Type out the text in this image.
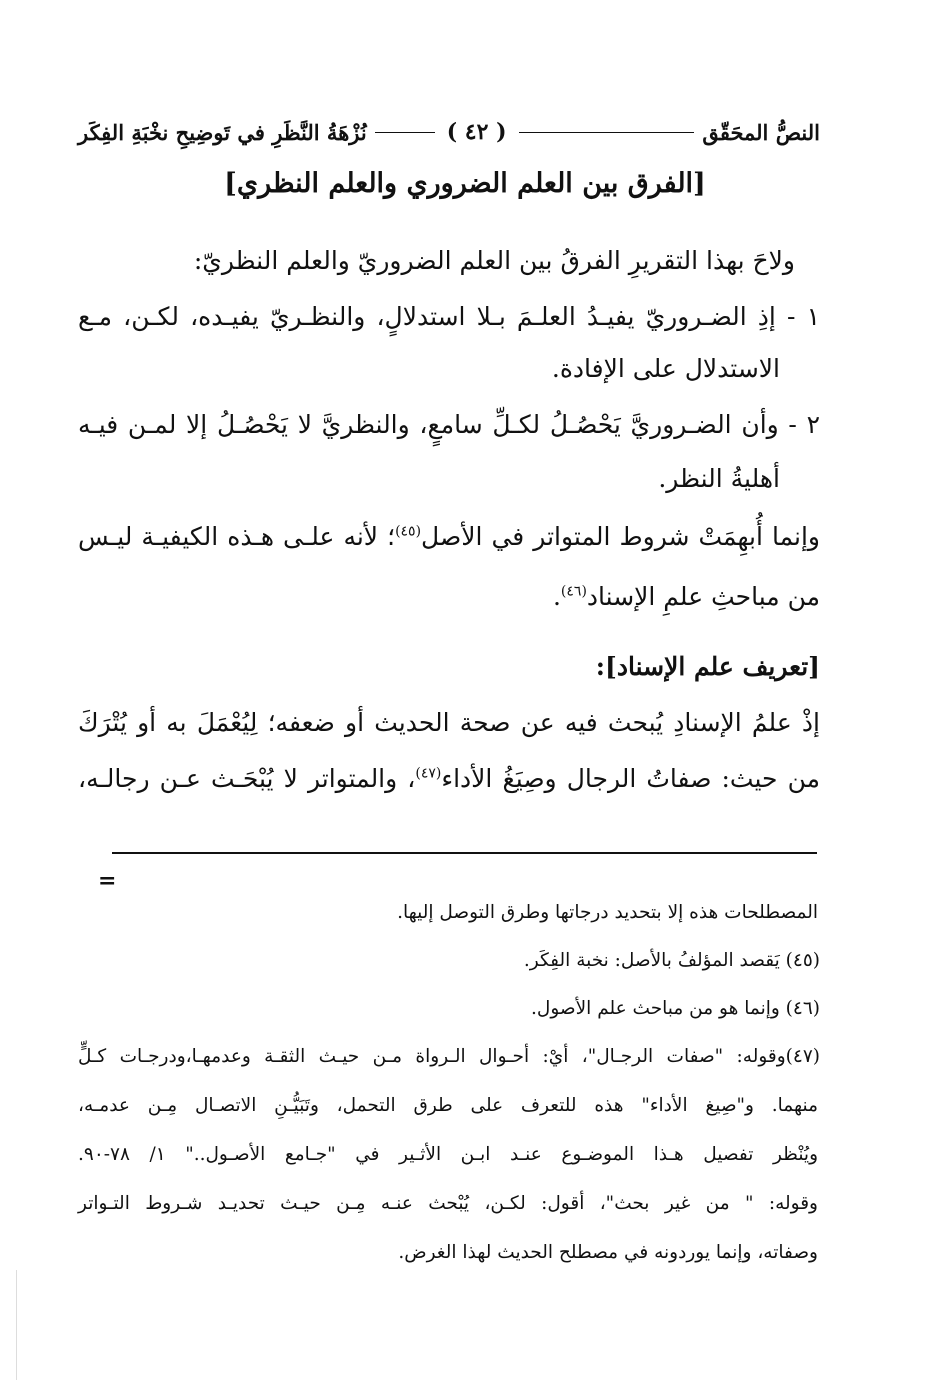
النصُّ المحَقّق
( ٤٢ )
نُزْهَةُ النَّظَرِ في تَوضِيحِ نخْبَةِ الفِكَر
[الفرق بين العلم الضروري والعلم النظري]
ولاحَ بهذا التقريرِ الفرقُ بين العلم الضروريّ والعلم النظريّ:
١ - إذِ الضـروريّ يفيـدُ العلـمَ بـلا استدلالٍ، والنظـريّ يفيـده، لكـن، مـع
الاستدلال على الإفادة.
٢ - وأن الضـروريَّ يَحْصُـلُ لكـلِّ سامعٍ، والنظريَّ لا يَحْصُـلُ إلا لمـن فيـه
أهليةُ النظر.
وإنما أُبهِمَتْ شروط المتواتر في الأصل$^{(٤٥)}$؛ لأنه علـى هـذه الكيفيـة ليـس
من مباحثِ علمِ الإسناد$^{(٤٦)}$.
[تعريف علم الإسناد]:
إذْ علمُ الإسنادِ يُبحث فيه عن صحة الحديث أو ضعفه؛ لِيُعْمَلَ به أو يُتْرَكَ
من حيث: صفاتُ الرجال وصِيَغُ الأداء$^{(٤٧)}$، والمتواتر لا يُبْحَـث عـن رجالـه،
=
المصطلحات هذه إلا بتحديد درجاتها وطرق التوصل إليها.
(٤٥) يَقصد المؤلفُ بالأصل: نخبة الفِكَر.
(٤٦) وإنما هو من مباحث علم الأصول.
(٤٧)وقوله: "صفات الرجـال"، أيْ: أحـوال الـرواة مـن حيـث الثقـة وعدمهـا،ودرجـات كـلٍّ
منهما. و"صِيغ الأداء" هذه للتعرف على طرق التحمل، وتَبَيُّـنِ الاتصـال مِـن عدمـه،
ويُنْظر تفصيل هـذا الموضـوع عنـد ابـن الأثـير في "جـامع الأصـول.." ١/ ٧٨-٩٠.
وقوله: " من غير بحث"، أقول: لكـن، يُبْحث عنـه مِـن حيـث تحديـد شـروط التـواتر
وصفاته، وإنما يوردونه في مصطلح الحديث لهذا الغرض.
